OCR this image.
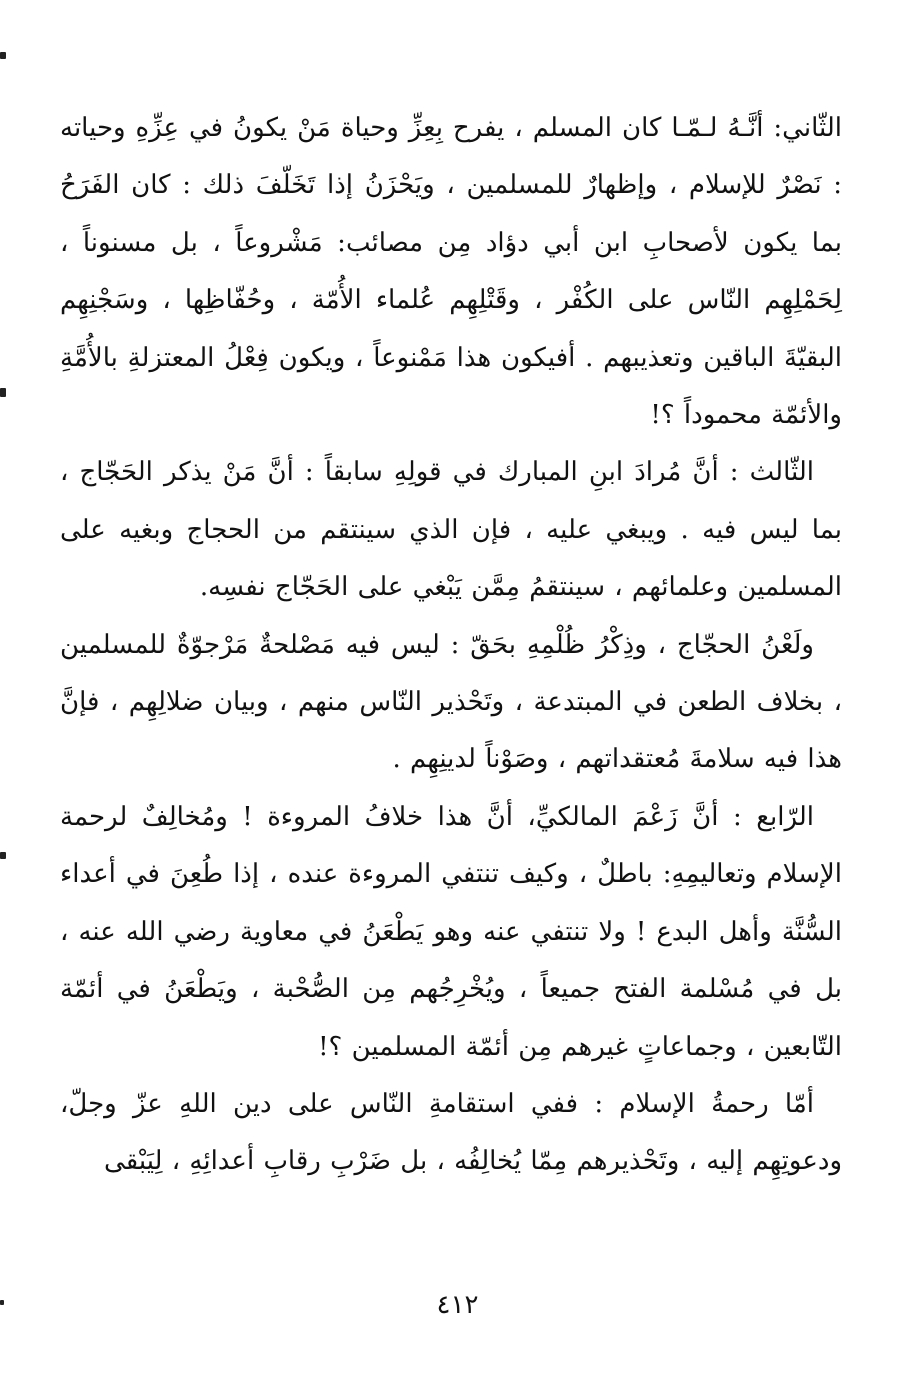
الثّاني: أنَّـهُ لـمّـا كان المسلم ، يفرح بِعِزِّ وحياة مَنْ يكونُ في عِزِّهِ وحياته : نَصْرٌ للإسلام ، وإظهارٌ للمسلمين ، ويَحْزَنُ إذا تَخَلّفَ ذلك : كان الفَرَحُ بما يكون لأصحابِ ابن أبي دؤاد مِن مصائب: مَشْروعاً ، بل مسنوناً ، لِحَمْلِهِم النّاس على الكُفْر ، وقَتْلِهِم عُلماء الأُمّة ، وحُفّاظِها ، وسَجْنِهِم البقيّةَ الباقين وتعذيبهم . أفيكون هذا مَمْنوعاً ، ويكون فِعْلُ المعتزلةِ بالأُمَّةِ والأئمّة محموداً ؟!

الثّالث : أنَّ مُرادَ ابنِ المبارك في قولِهِ سابقاً : أنَّ مَنْ يذكر الحَجّاج ، بما ليس فيه . ويبغي عليه ، فإن الذي سينتقم من الحجاج وبغيه على المسلمين وعلمائهم ، سينتقمُ مِمَّن يَبْغي على الحَجّاج نفسِه.

ولَعْنُ الحجّاج ، وذِكْرُ ظُلْمِهِ بحَقّ : ليس فيه مَصْلحةٌ مَرْجوّةٌ للمسلمين ، بخلاف الطعن في المبتدعة ، وتَحْذير النّاس منهم ، وبيان ضلالِهِم ، فإنَّ هذا فيه سلامةَ مُعتقداتهم ، وصَوْناً لدينِهِم .

الرّابع : أنَّ زَعْمَ المالكيِّ، أنَّ هذا خلافُ المروءة ! ومُخالِفٌ لرحمة الإسلام وتعاليمِهِ: باطلٌ ، وكيف تنتفي المروءة عنده ، إذا طُعِنَ في أعداء السُّنَّة وأهل البدع ! ولا تنتفي عنه وهو يَطْعَنُ في معاوية رضي الله عنه ، بل في مُسْلمة الفتح جميعاً ، ويُخْرِجُهم مِن الصُّحْبة ، ويَطْعَنُ في أئمّة التّابعين ، وجماعاتٍ غيرهم مِن أئمّة المسلمين ؟!

أمّا رحمةُ الإسلام : ففي استقامةِ النّاس على دين اللهِ عزّ وجلّ، ودعوتِهِم إليه ، وتَحْذيرهم مِمّا يُخالِفُه ، بل ضَرْبِ رقابِ أعدائِهِ ، لِيَبْقى

٤١٢
